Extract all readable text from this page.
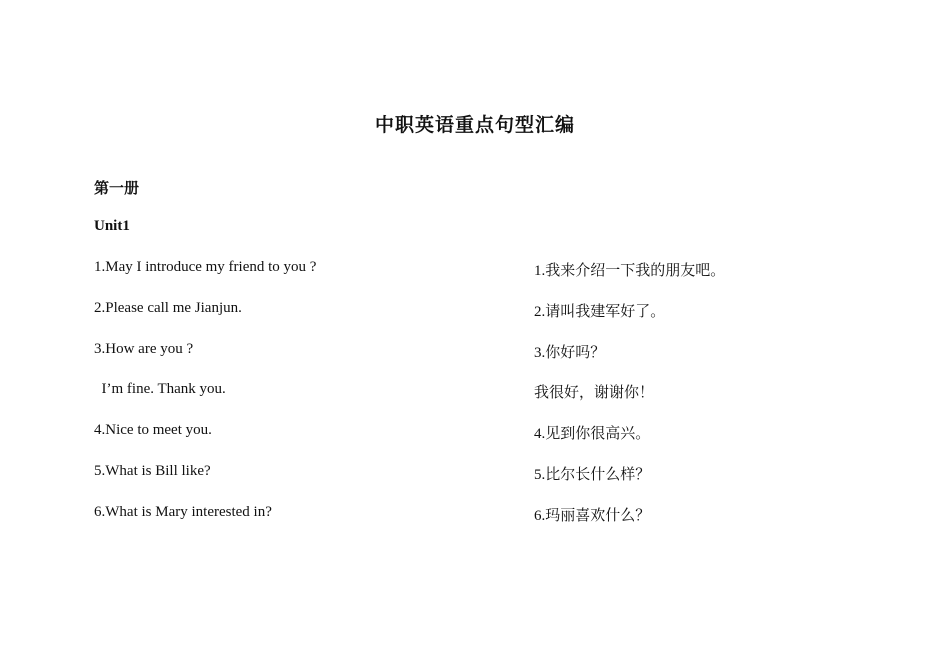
中职英语重点句型汇编
第一册
Unit1
1.May I introduce my friend to you ?	1.我来介绍一下我的朋友吧。
2.Please call me Jianjun.	2.请叫我建军好了。
3.How are you ?	3.你好吗？
I’m fine. Thank you.	我很好，谢谢你！
4.Nice to meet you.	4.见到你很高兴。
5.What is Bill like?	5.比尔长什么样？
6.What is Mary interested in?	6.玛丽喜欢什么？
